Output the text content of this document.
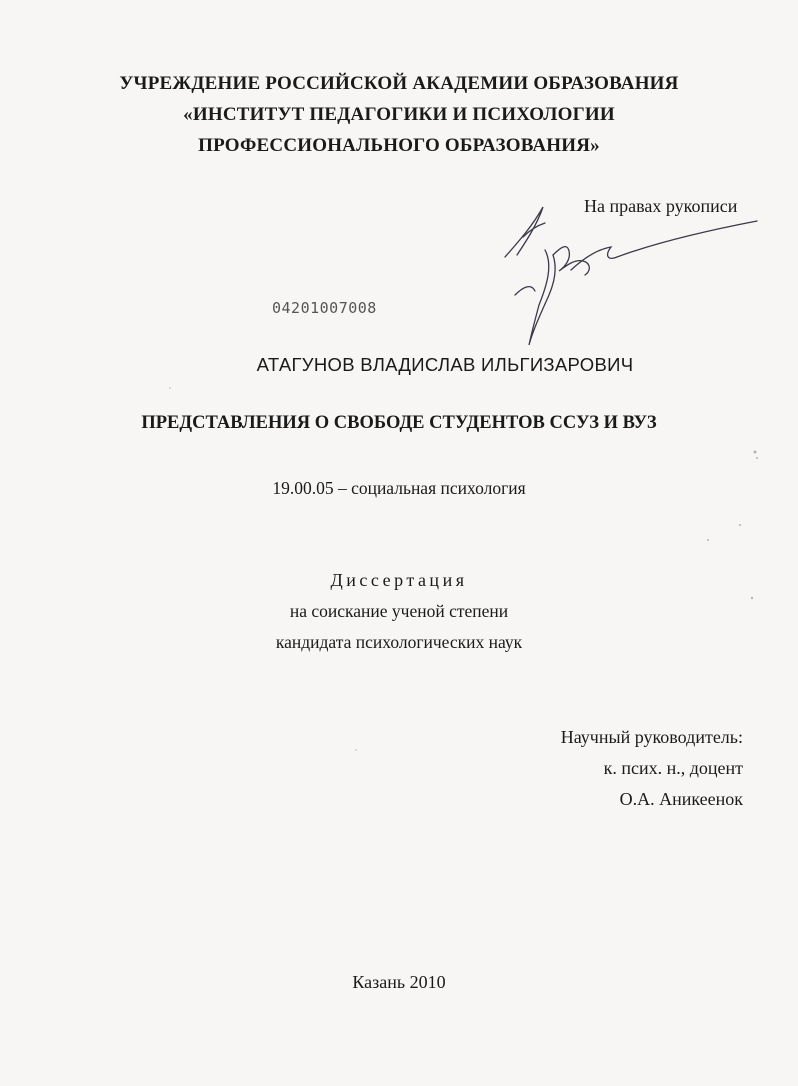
УЧРЕЖДЕНИЕ РОССИЙСКОЙ АКАДЕМИИ ОБРАЗОВАНИЯ
«ИНСТИТУТ ПЕДАГОГИКИ И ПСИХОЛОГИИ
ПРОФЕССИОНАЛЬНОГО ОБРАЗОВАНИЯ»
На правах рукописи
04201007008
АТАГУНОВ ВЛАДИСЛАВ ИЛЬГИЗАРОВИЧ
ПРЕДСТАВЛЕНИЯ О СВОБОДЕ СТУДЕНТОВ ССУЗ И ВУЗ
19.00.05 – социальная психология
Диссертация
на соискание ученой степени
кандидата психологических наук
Научный руководитель:
к. псих. н., доцент
О.А. Аникеенок
Казань 2010
